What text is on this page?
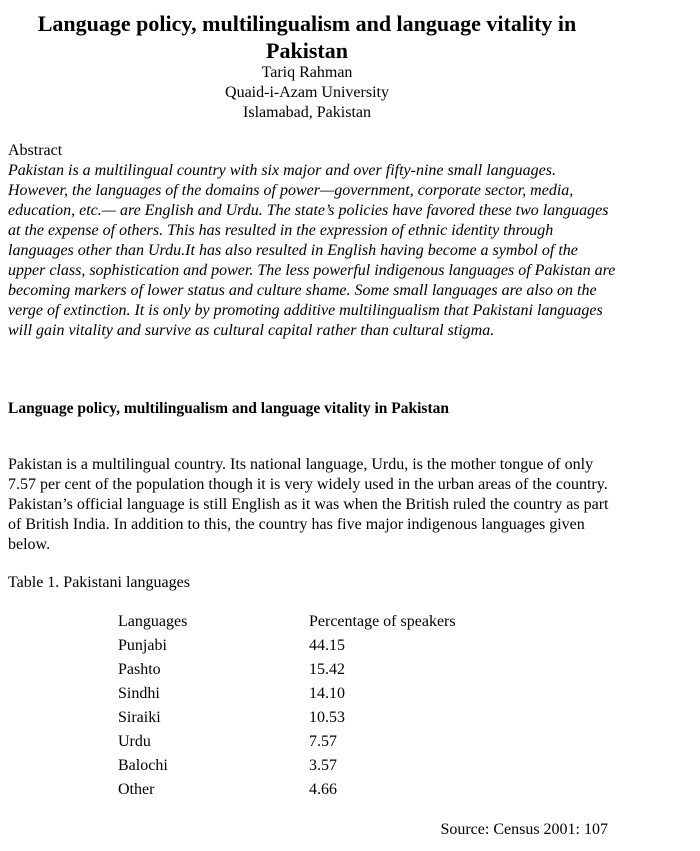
Language policy, multilingualism and language vitality in Pakistan
Tariq Rahman
Quaid-i-Azam University
Islamabad, Pakistan
Abstract

Pakistan is a multilingual country with six major and over fifty-nine small languages. However, the languages of the domains of power—government, corporate sector, media, education, etc.— are English and Urdu. The state’s policies have favored these two languages at the expense of others. This has resulted in the expression of ethnic identity through languages other than Urdu.It has also resulted in English having become a symbol of the upper class, sophistication and power. The less powerful indigenous languages of Pakistan are becoming markers of lower status and culture shame. Some small languages are also on the verge of extinction. It is only by promoting additive multilingualism that Pakistani languages will gain vitality and survive as cultural capital rather than cultural stigma.

Language policy, multilingualism and language vitality in Pakistan

Pakistan is a multilingual country. Its national language, Urdu, is the mother tongue of only 7.57 per cent of the population though it is very widely used in the urban areas of the country. Pakistan’s official language is still English as it was when the British ruled the country as part of British India. In addition to this, the country has five major indigenous languages given below.

Table 1. Pakistani languages
Languages	Percentage of speakers
Punjabi	44.15
Pashto	15.42
Sindhi	14.10
Siraiki	10.53
Urdu	7.57
Balochi	3.57
Other	4.66
Source: Census 2001: 107
